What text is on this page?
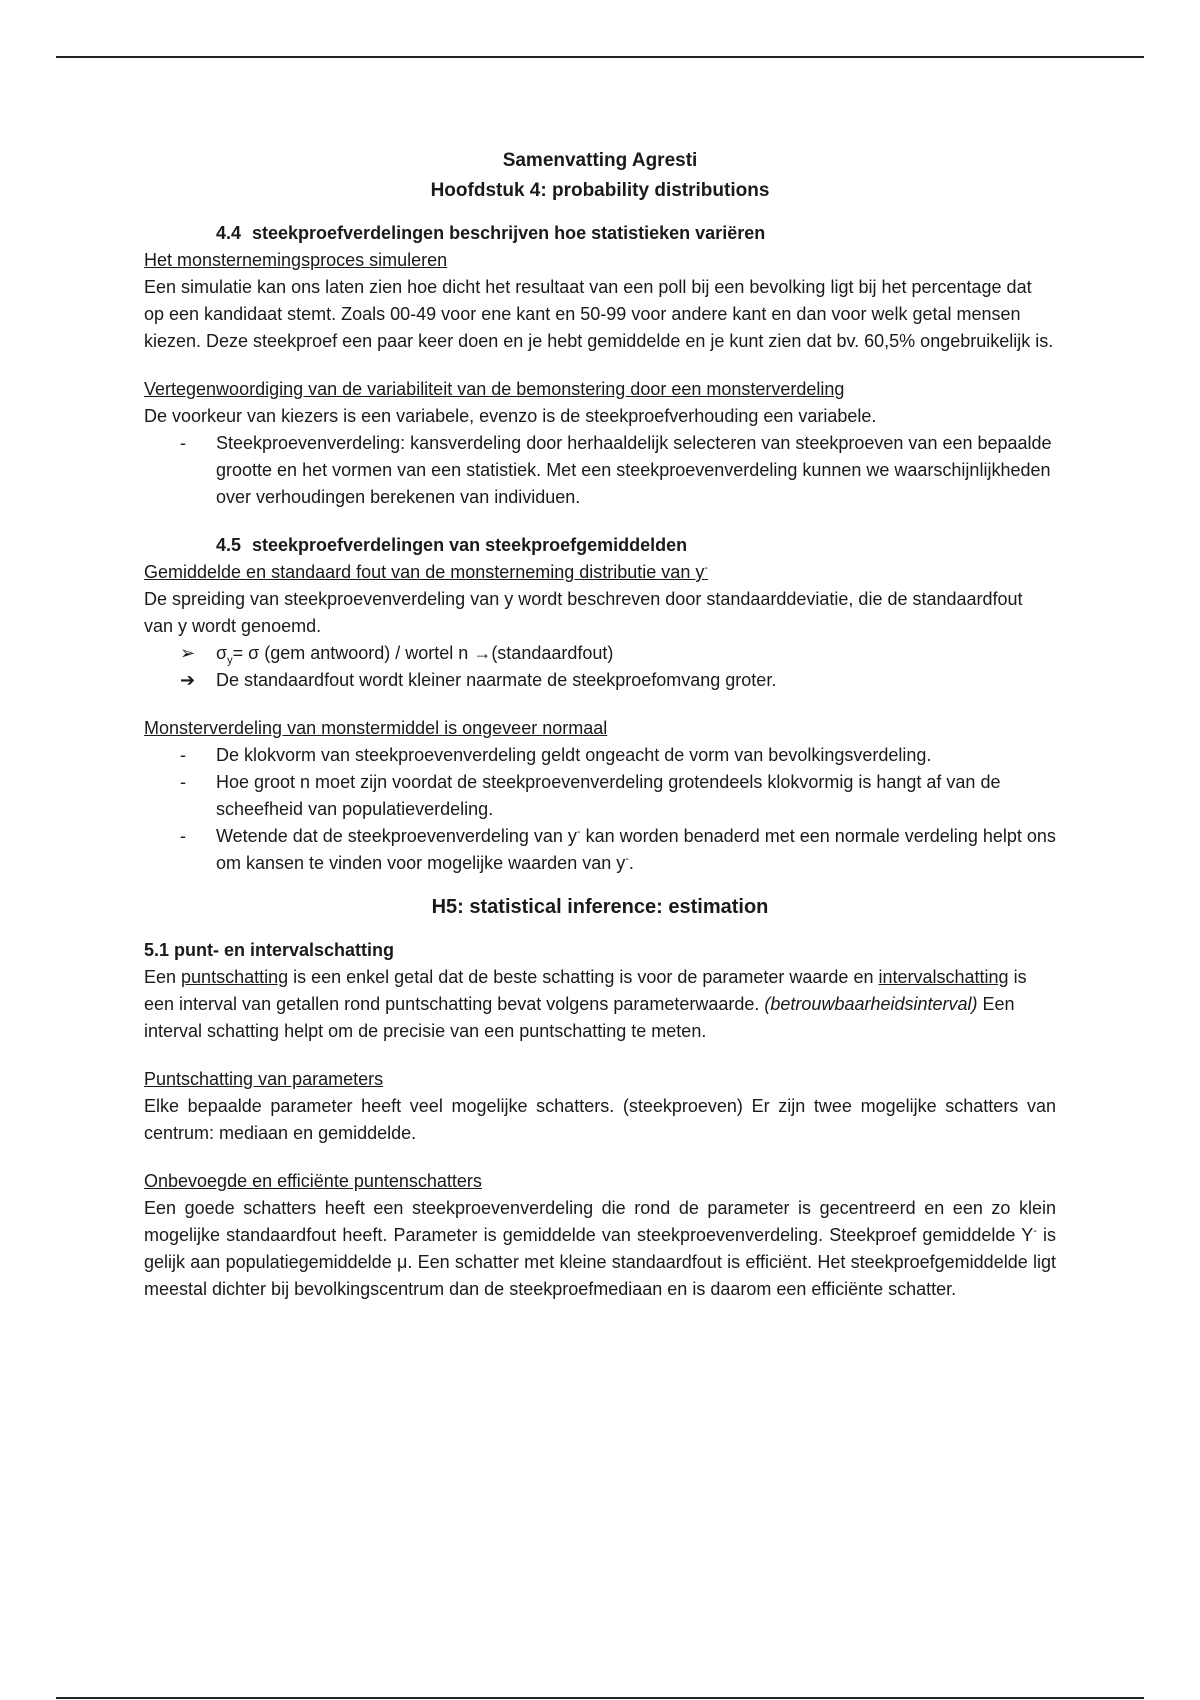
Samenvatting Agresti
Hoofdstuk 4: probability distributions
4.4 steekproefverdelingen beschrijven hoe statistieken variëren
Het monsternemingsproces simuleren

Een simulatie kan ons laten zien hoe dicht het resultaat van een poll bij een bevolking ligt bij het percentage dat op een kandidaat stemt. Zoals 00-49 voor ene kant en 50-99 voor andere kant en dan voor welk getal mensen kiezen. Deze steekproef een paar keer doen en je hebt gemiddelde en je kunt zien dat bv. 60,5% ongebruikelijk is.

Vertegenwoordiging van de variabiliteit van de bemonstering door een monsterverdeling

De voorkeur van kiezers is een variabele, evenzo is de steekproefverhouding een variabele.

-	Steekproevenverdeling: kansverdeling door herhaaldelijk selecteren van steekproeven van een bepaalde grootte en het vormen van een statistiek. Met een steekproevenverdeling kunnen we waarschijnlijkheden over verhoudingen berekenen van individuen.
4.5 steekproefverdelingen van steekproefgemiddelden
Gemiddelde en standaard fout van de monsterneming distributie van y-

De spreiding van steekproevenverdeling van y wordt beschreven door standaarddeviatie, die de standaardfout van y wordt genoemd.

➢	$\sigma_y= \sigma$ (gem antwoord) / wortel n →(standaardfout)
➔	De standaardfout wordt kleiner naarmate de steekproefomvang groter.
Monsterverdeling van monstermiddel is ongeveer normaal
-	De klokvorm van steekproevenverdeling geldt ongeacht de vorm van bevolkingsverdeling.
-	Hoe groot n moet zijn voordat de steekproevenverdeling grotendeels klokvormig is hangt af van de scheefheid van populatieverdeling.
-	Wetende dat de steekproevenverdeling van y- kan worden benaderd met een normale verdeling helpt ons om kansen te vinden voor mogelijke waarden van y-.
H5: statistical inference: estimation
5.1 punt- en intervalschatting

Een puntschatting is een enkel getal dat de beste schatting is voor de parameter waarde en intervalschatting is een interval van getallen rond puntschatting bevat volgens parameterwaarde. (betrouwbaarheidsinterval) Een interval schatting helpt om de precisie van een puntschatting te meten.

Puntschatting van parameters

Elke bepaalde parameter heeft veel mogelijke schatters. (steekproeven) Er zijn twee mogelijke schatters van centrum: mediaan en gemiddelde.

Onbevoegde en efficiënte puntenschatters

Een goede schatters heeft een steekproevenverdeling die rond de parameter is gecentreerd en een zo klein mogelijke standaardfout heeft. Parameter is gemiddelde van steekproevenverdeling. Steekproef gemiddelde Y- is gelijk aan populatiegemiddelde μ. Een schatter met kleine standaardfout is efficiënt. Het steekproefgemiddelde ligt meestal dichter bij bevolkingscentrum dan de steekproefmediaan en is daarom een efficiënte schatter.
